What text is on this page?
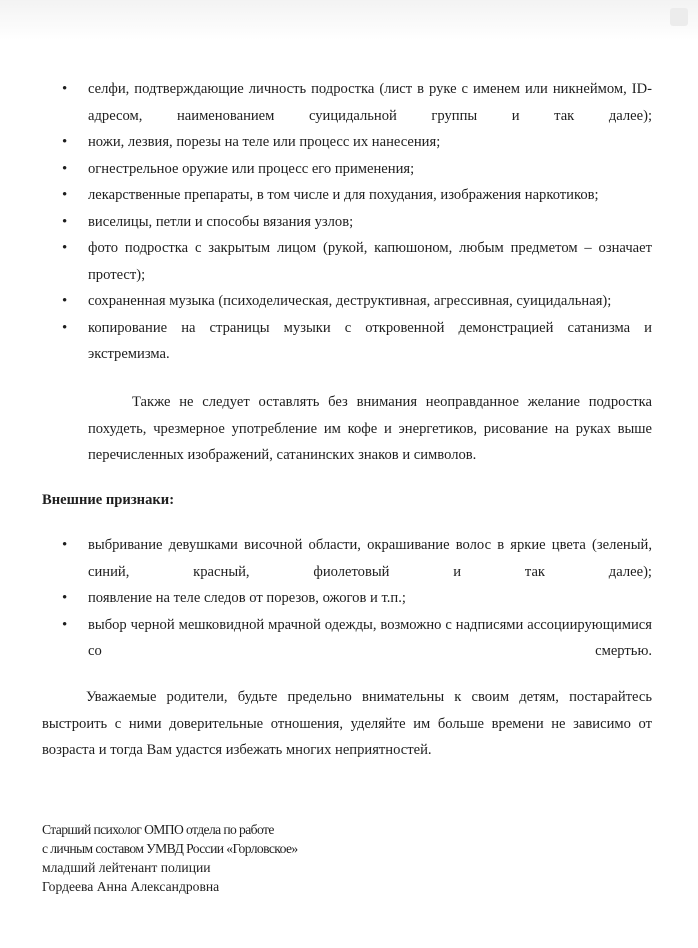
• селфи, подтверждающие личность подростка (лист в руке с именем или никнеймом, ID-адресом, наименованием суицидальной группы и так далее);
• ножи, лезвия, порезы на теле или процесс их нанесения;
• огнестрельное оружие или процесс его применения;
• лекарственные препараты, в том числе и для похудания, изображения наркотиков;
• виселицы, петли и способы вязания узлов;
• фото подростка с закрытым лицом (рукой, капюшоном, любым предметом – означает протест);
• сохраненная музыка (психоделическая, деструктивная, агрессивная, суицидальная);
• копирование на страницы музыки с откровенной демонстрацией сатанизма и экстремизма.

Также не следует оставлять без внимания неоправданное желание подростка похудеть, чрезмерное употребление им кофе и энергетиков, рисование на руках выше перечисленных изображений, сатанинских знаков и символов.

Внешние признаки:

• выбривание девушками височной области, окрашивание волос в яркие цвета (зеленый, синий, красный, фиолетовый и так далее);
• появление на теле следов от порезов, ожогов и т.п.;
• выбор черной мешковидной мрачной одежды, возможно с надписями ассоциирующимися со смертью.

Уважаемые родители, будьте предельно внимательны к своим детям, постарайтесь выстроить с ними доверительные отношения, уделяйте им больше времени не зависимо от возраста и тогда Вам удастся избежать многих неприятностей.

Старший психолог ОМПО отдела по работе
с личным составом УМВД России «Горловское»
младший лейтенант полиции
Гордеева Анна Александровна
